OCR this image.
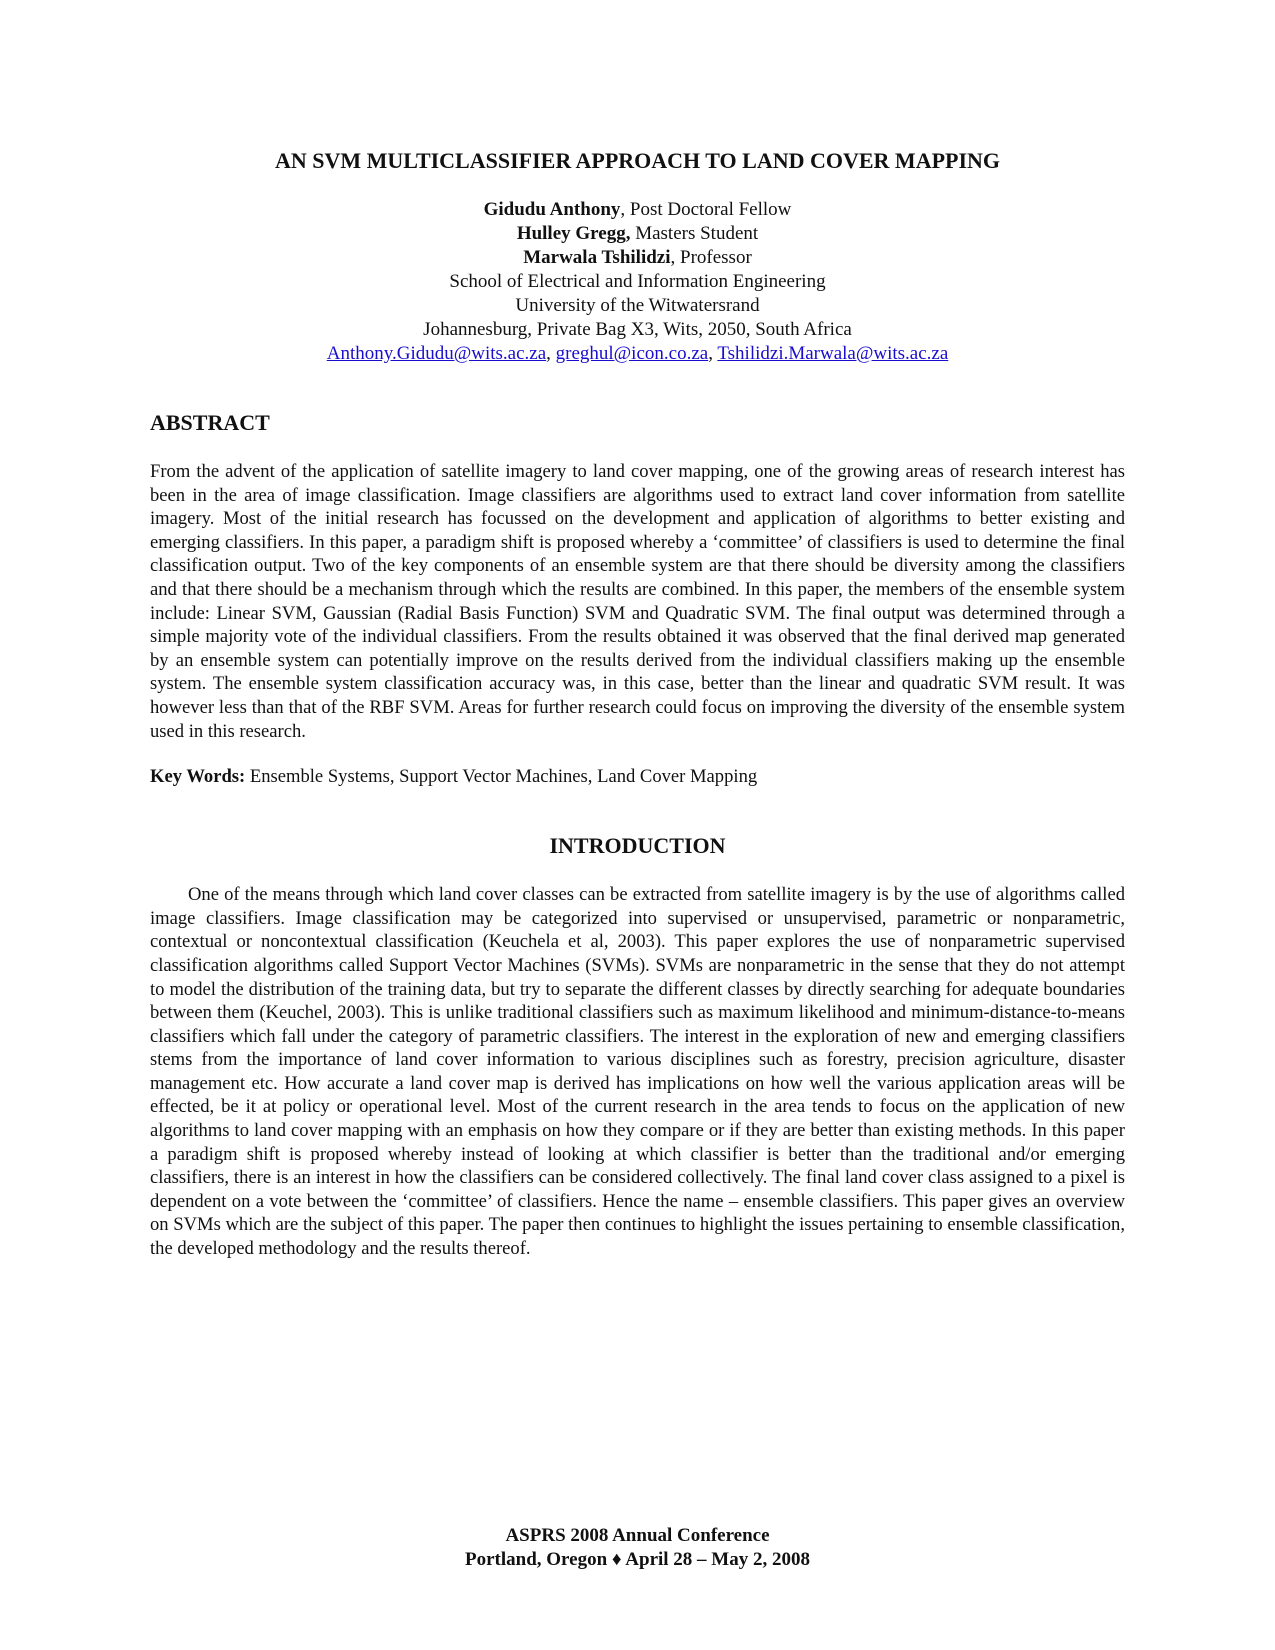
AN SVM MULTICLASSIFIER APPROACH TO LAND COVER MAPPING
Gidudu Anthony, Post Doctoral Fellow
Hulley Gregg, Masters Student
Marwala Tshilidzi, Professor
School of Electrical and Information Engineering
University of the Witwatersrand
Johannesburg, Private Bag X3, Wits, 2050, South Africa
Anthony.Gidudu@wits.ac.za, greghul@icon.co.za, Tshilidzi.Marwala@wits.ac.za
ABSTRACT

From the advent of the application of satellite imagery to land cover mapping, one of the growing areas of research interest has been in the area of image classification. Image classifiers are algorithms used to extract land cover information from satellite imagery. Most of the initial research has focussed on the development and application of algorithms to better existing and emerging classifiers. In this paper, a paradigm shift is proposed whereby a ‘committee’ of classifiers is used to determine the final classification output. Two of the key components of an ensemble system are that there should be diversity among the classifiers and that there should be a mechanism through which the results are combined. In this paper, the members of the ensemble system include: Linear SVM, Gaussian (Radial Basis Function) SVM and Quadratic SVM. The final output was determined through a simple majority vote of the individual classifiers. From the results obtained it was observed that the final derived map generated by an ensemble system can potentially improve on the results derived from the individual classifiers making up the ensemble system. The ensemble system classification accuracy was, in this case, better than the linear and quadratic SVM result. It was however less than that of the RBF SVM. Areas for further research could focus on improving the diversity of the ensemble system used in this research.

Key Words: Ensemble Systems, Support Vector Machines, Land Cover Mapping
INTRODUCTION

One of the means through which land cover classes can be extracted from satellite imagery is by the use of algorithms called image classifiers. Image classification may be categorized into supervised or unsupervised, parametric or nonparametric, contextual or noncontextual classification (Keuchela et al, 2003). This paper explores the use of nonparametric supervised classification algorithms called Support Vector Machines (SVMs). SVMs are nonparametric in the sense that they do not attempt to model the distribution of the training data, but try to separate the different classes by directly searching for adequate boundaries between them (Keuchel, 2003). This is unlike traditional classifiers such as maximum likelihood and minimum-distance-to-means classifiers which fall under the category of parametric classifiers. The interest in the exploration of new and emerging classifiers stems from the importance of land cover information to various disciplines such as forestry, precision agriculture, disaster management etc. How accurate a land cover map is derived has implications on how well the various application areas will be effected, be it at policy or operational level. Most of the current research in the area tends to focus on the application of new algorithms to land cover mapping with an emphasis on how they compare or if they are better than existing methods. In this paper a paradigm shift is proposed whereby instead of looking at which classifier is better than the traditional and/or emerging classifiers, there is an interest in how the classifiers can be considered collectively. The final land cover class assigned to a pixel is dependent on a vote between the ‘committee’ of classifiers. Hence the name – ensemble classifiers. This paper gives an overview on SVMs which are the subject of this paper. The paper then continues to highlight the issues pertaining to ensemble classification, the developed methodology and the results thereof.

ASPRS 2008 Annual Conference
Portland, Oregon ♦ April 28 – May 2, 2008
